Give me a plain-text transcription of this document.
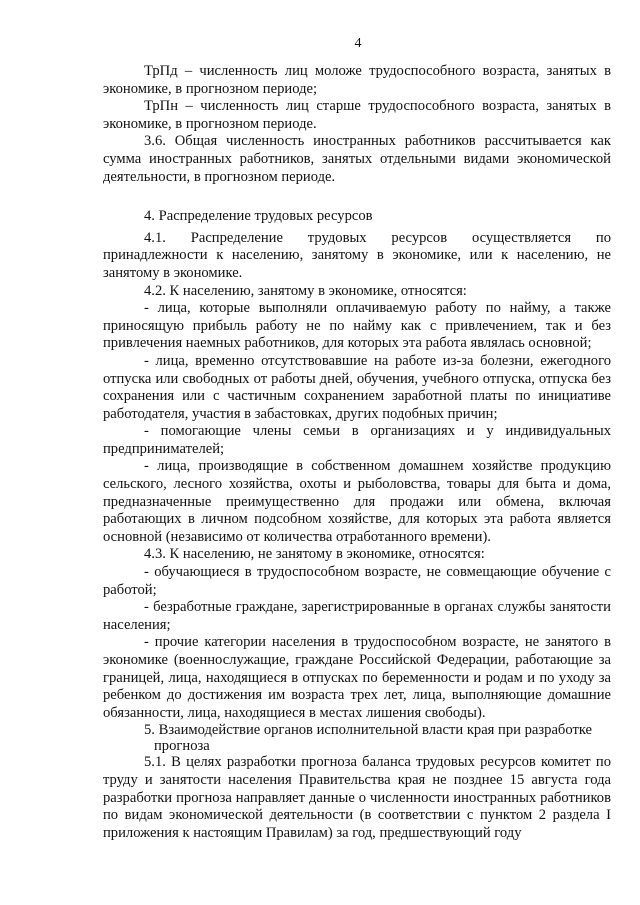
4

ТрПд – численность лиц моложе трудоспособного возраста, занятых в экономике, в прогнозном периоде;

ТрПн – численность лиц старше трудоспособного возраста, занятых в экономике, в прогнозном периоде.

3.6. Общая численность иностранных работников рассчитывается как сумма иностранных работников, занятых отдельными видами экономической деятельности, в прогнозном периоде.

4. Распределение трудовых ресурсов

4.1. Распределение трудовых ресурсов осуществляется по принадлежности к населению, занятому в экономике, или к населению, не занятому в экономике.

4.2. К населению, занятому в экономике, относятся:

- лица, которые выполняли оплачиваемую работу по найму, а также приносящую прибыль работу не по найму как с привлечением, так и без привлечения наемных работников, для которых эта работа являлась основной;

- лица, временно отсутствовавшие на работе из-за болезни, ежегодного отпуска или свободных от работы дней, обучения, учебного отпуска, отпуска без сохранения или с частичным сохранением заработной платы по инициативе работодателя, участия в забастовках, других подобных причин;

- помогающие члены семьи в организациях и у индивидуальных предпринимателей;

- лица, производящие в собственном домашнем хозяйстве продукцию сельского, лесного хозяйства, охоты и рыболовства, товары для быта и дома, предназначенные преимущественно для продажи или обмена, включая работающих в личном подсобном хозяйстве, для которых эта работа является основной (независимо от количества отработанного времени).

4.3. К населению, не занятому в экономике, относятся:

- обучающиеся в трудоспособном возрасте, не совмещающие обучение с работой;

- безработные граждане, зарегистрированные в органах службы занятости населения;

- прочие категории населения в трудоспособном возрасте, не занятого в экономике (военнослужащие, граждане Российской Федерации, работающие за границей, лица, находящиеся в отпусках по беременности и родам и по уходу за ребенком до достижения им возраста трех лет, лица, выполняющие домашние обязанности, лица, находящиеся в местах лишения свободы).

5. Взаимодействие органов исполнительной власти края при разработке
прогноза

5.1. В целях разработки прогноза баланса трудовых ресурсов комитет по труду и занятости населения Правительства края не позднее 15 августа года разработки прогноза направляет данные о численности иностранных работников по видам экономической деятельности (в соответствии с пунктом 2 раздела I приложения к настоящим Правилам) за год, предшествующий году
